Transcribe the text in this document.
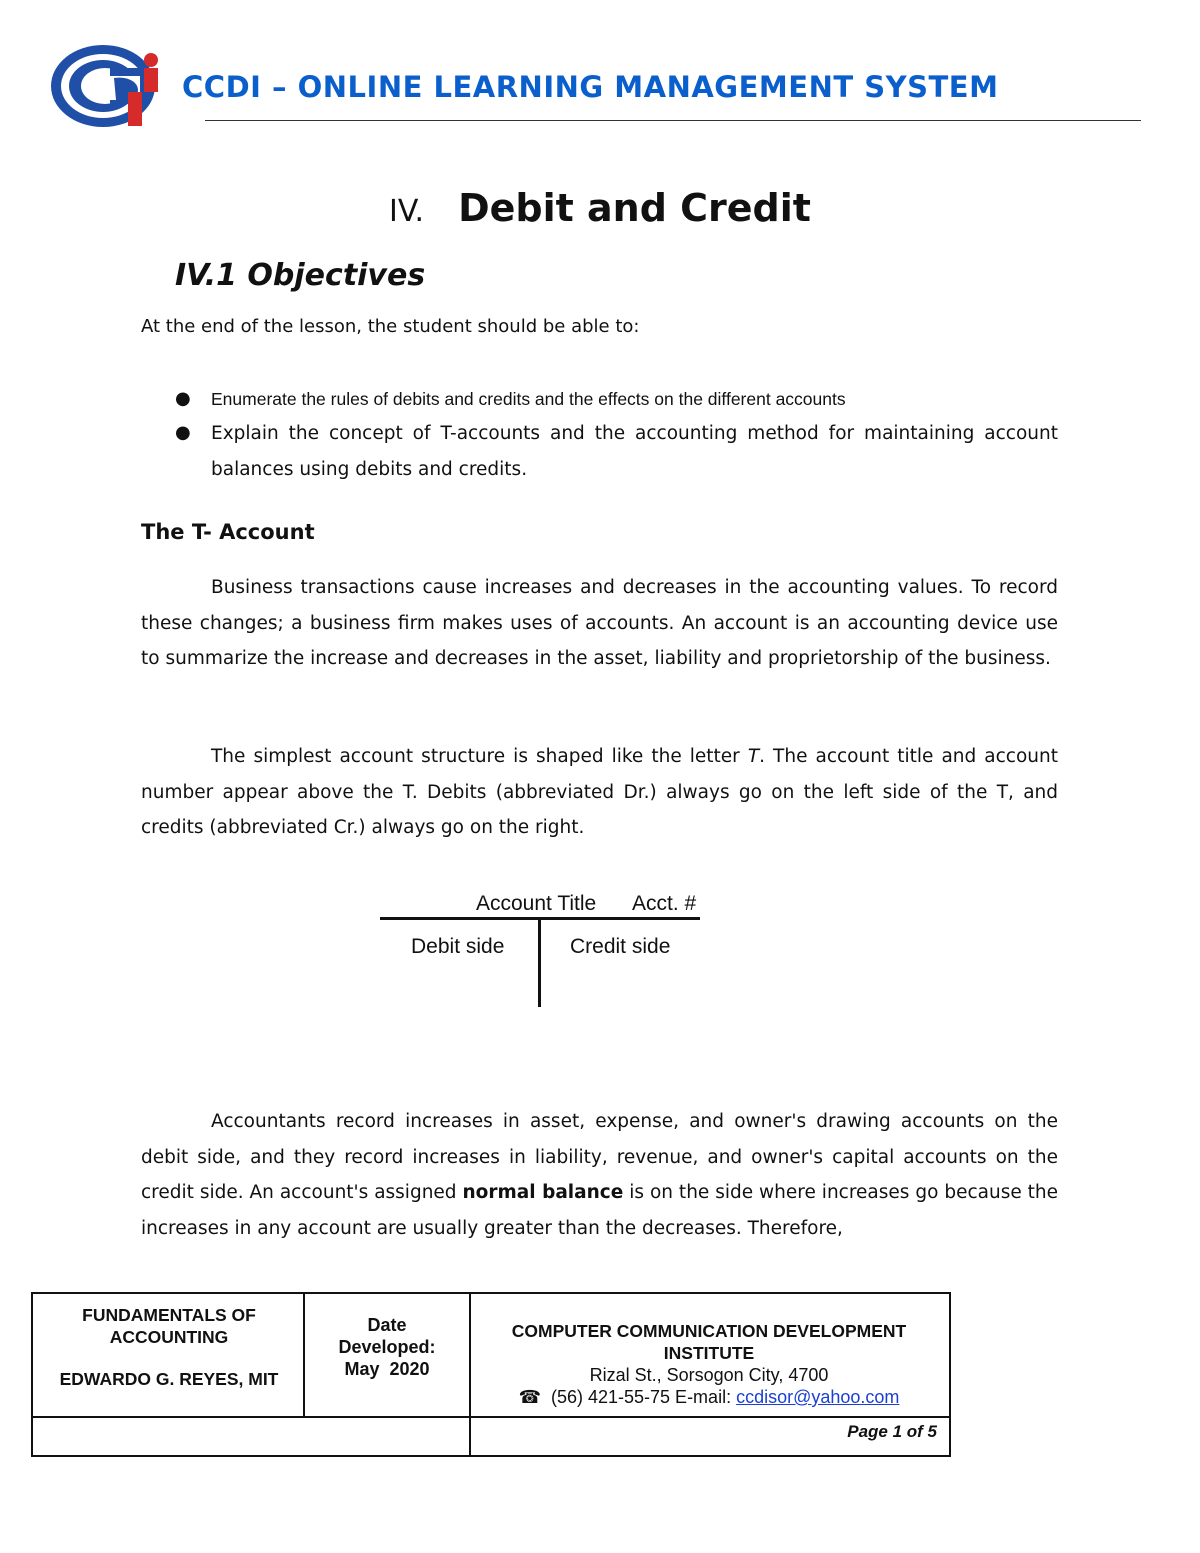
CCDI – ONLINE LEARNING MANAGEMENT SYSTEM
IV. Debit and Credit
IV.1 Objectives
At the end of the lesson, the student should be able to:
● Enumerate the rules of debits and credits and the effects on the different accounts
● Explain the concept of T-accounts and the accounting method for maintaining account balances using debits and credits.
The T- Account

Business transactions cause increases and decreases in the accounting values. To record these changes; a business firm makes uses of accounts. An account is an accounting device use to summarize the increase and decreases in the asset, liability and proprietorship of the business.

The simplest account structure is shaped like the letter T. The account title and account number appear above the T. Debits (abbreviated Dr.) always go on the left side of the T, and credits (abbreviated Cr.) always go on the right.

Account Title Acct. #
Debit side	Credit side

Accountants record increases in asset, expense, and owner's drawing accounts on the debit side, and they record increases in liability, revenue, and owner's capital accounts on the credit side. An account's assigned normal balance is on the side where increases go because the increases in any account are usually greater than the decreases. Therefore,

FUNDAMENTALS OF
ACCOUNTING
EDWARDO G. REYES, MIT
Date
Developed:
May  2020
COMPUTER COMMUNICATION DEVELOPMENT
INSTITUTE
Rizal St., Sorsogon City, 4700
☎ (56) 421-55-75 E-mail: ccdisor@yahoo.com
Page 1 of 5
